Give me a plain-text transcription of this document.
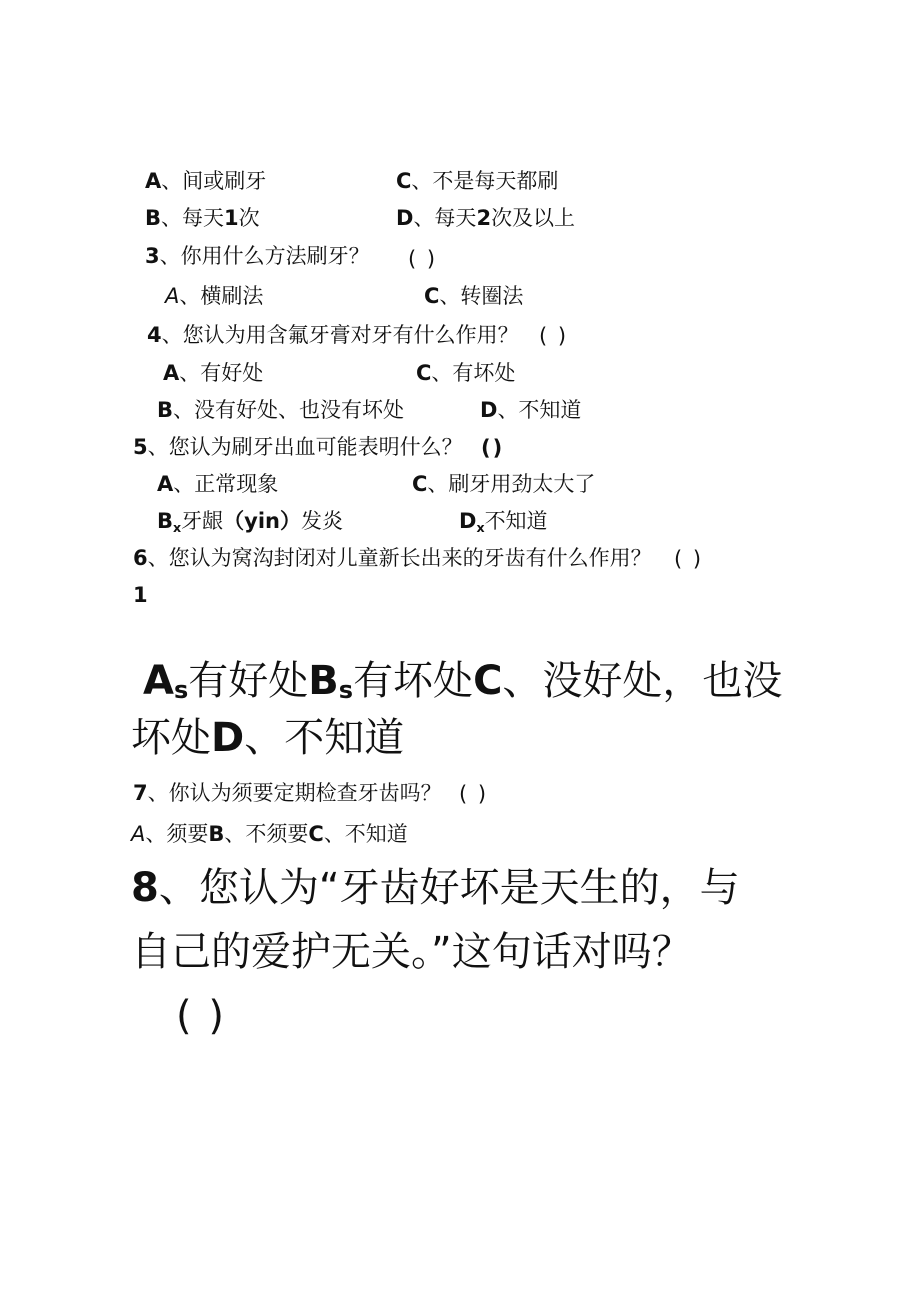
A、间或刷牙	C、不是每天都刷
B、每天1次	D、每天2次及以上
3、你用什么方法刷牙？ ( )
A、横刷法	C、转圈法
4、您认为用含氟牙膏对牙有什么作用？ ( )
A、有好处	C、有坏处
B、没有好处、也没有坏处	D、不知道
5、您认为刷牙出血可能表明什么？ ()
A、正常现象	C、刷牙用劲太大了
$B_x$牙龈（yin）发炎	$D_x$不知道
6、您认为窝沟封闭对儿童新长出来的牙齿有什么作用？ ( )
1
$A_s$有好处$B_s$有坏处C、没好处，也没
坏处D、不知道
7、你认为须要定期检查牙齿吗？ ( )
A、须要B、不须要C、不知道
8、您认为“牙齿好坏是天生的，与
自己的爱护无关。”这句话对吗？
( )
